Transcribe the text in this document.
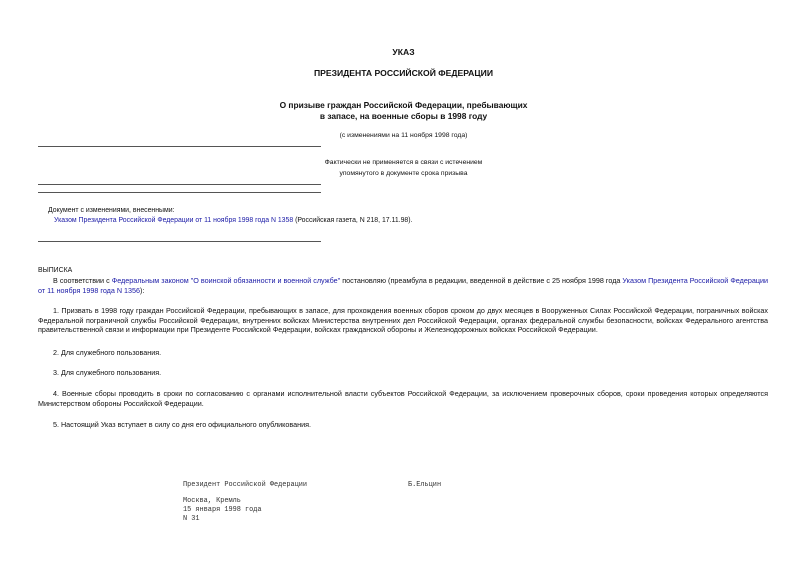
УКАЗ
ПРЕЗИДЕНТА РОССИЙСКОЙ ФЕДЕРАЦИИ
О призыве граждан Российской Федерации, пребывающих
в запасе, на военные сборы в 1998 году
(с изменениями на 11 ноября 1998 года)
Фактически не применяется в связи с истечением
упомянутого в документе срока призыва
Документ с изменениями, внесенными:
Указом Президента Российской Федерации от 11 ноября 1998 года N 1358 (Российская газета, N 218, 17.11.98).
ВЫПИСКА
В соответствии с Федеральным законом "О воинской обязанности и военной службе" постановляю (преамбула в редакции, введенной в действие с 25 ноября 1998 года Указом Президента Российской Федерации от 11 ноября 1998 года N 1356):
1. Призвать в 1998 году граждан Российской Федерации, пребывающих в запасе, для прохождения военных сборов сроком до двух месяцев в Вооруженных Силах Российской Федерации, пограничных войсках Федеральной пограничной службы Российской Федерации, внутренних войсках Министерства внутренних дел Российской Федерации, органах федеральной службы безопасности, войсках Федерального агентства правительственной связи и информации при Президенте Российской Федерации, войсках гражданской обороны и Железнодорожных войсках Российской Федерации.
2. Для служебного пользования.
3. Для служебного пользования.
4. Военные сборы проводить в сроки по согласованию с органами исполнительной власти субъектов Российской Федерации, за исключением проверочных сборов, сроки проведения которых определяются Министерством обороны Российской Федерации.
5. Настоящий Указ вступает в силу со дня его официального опубликования.
Президент Российской Федерации	Б.Ельцин
Москва, Кремль
15 января 1998 года
N 31
